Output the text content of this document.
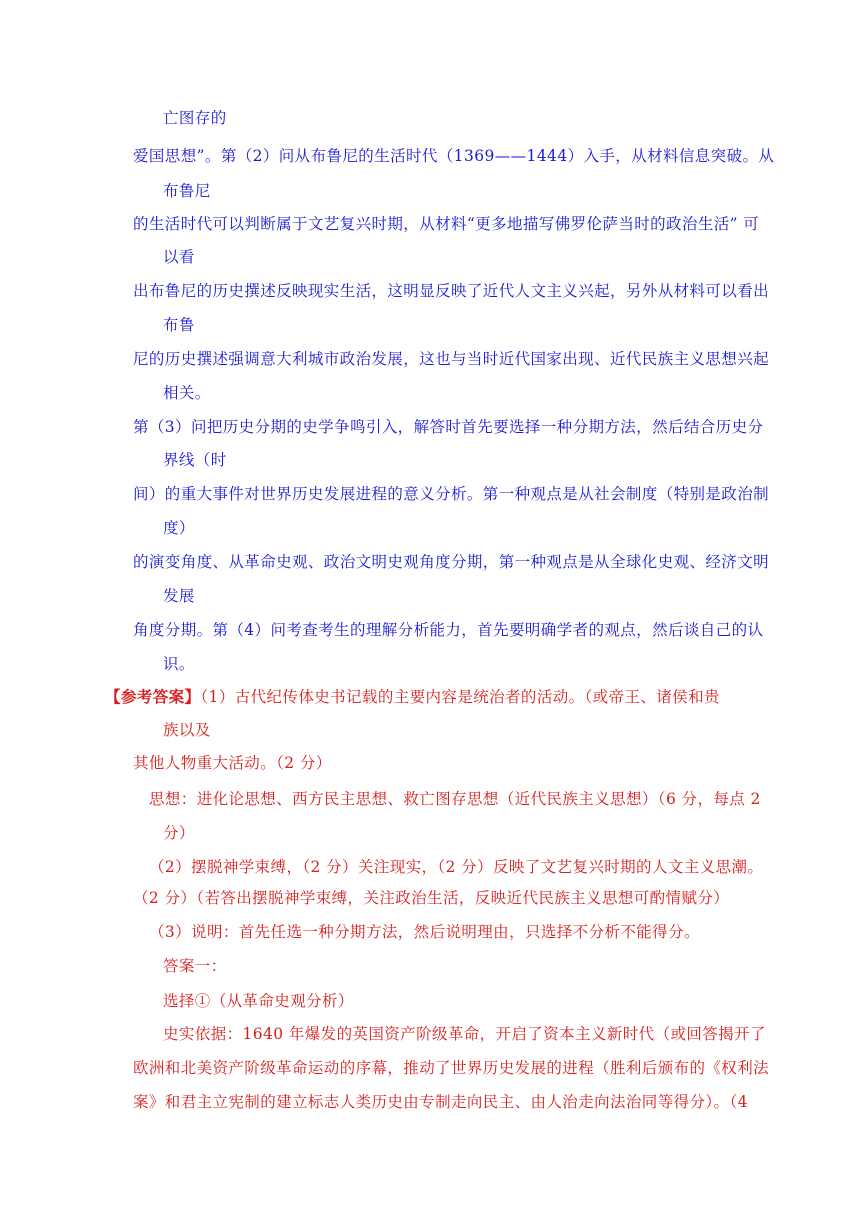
亡图存的
爱国思想”。第（2）问从布鲁尼的生活时代（1369——1444）入手，从材料信息突破。从
布鲁尼
的生活时代可以判断属于文艺复兴时期，从材料“更多地描写佛罗伦萨当时的政治生活” 可
以看
出布鲁尼的历史撰述反映现实生活，这明显反映了近代人文主义兴起，另外从材料可以看出
布鲁
尼的历史撰述强调意大利城市政治发展，这也与当时近代国家出现、近代民族主义思想兴起
相关。
第（3）问把历史分期的史学争鸣引入，解答时首先要选择一种分期方法，然后结合历史分
界线（时
间）的重大事件对世界历史发展进程的意义分析。第一种观点是从社会制度（特别是政治制
度）
的演变角度、从革命史观、政治文明史观角度分期，第一种观点是从全球化史观、经济文明
发展
角度分期。第（4）问考查考生的理解分析能力，首先要明确学者的观点，然后谈自己的认
识。
【参考答案】（1）古代纪传体史书记载的主要内容是统治者的活动。（或帝王、诸侯和贵
族以及
其他人物重大活动。（2 分）
思想：进化论思想、西方民主思想、救亡图存思想（近代民族主义思想）（6 分，每点 2
分）
（2）摆脱神学束缚，（2 分）关注现实，（2 分）反映了文艺复兴时期的人文主义思潮。
（2 分）（若答出摆脱神学束缚，关注政治生活，反映近代民族主义思想可酌情赋分）
（3）说明：首先任选一种分期方法，然后说明理由，只选择不分析不能得分。
答案一：
选择①（从革命史观分析）
史实依据：1640 年爆发的英国资产阶级革命，开启了资本主义新时代（或回答揭开了
欧洲和北美资产阶级革命运动的序幕，推动了世界历史发展的进程（胜利后颁布的《权利法
案》和君主立宪制的建立标志人类历史由专制走向民主、由人治走向法治同等得分）。（4
